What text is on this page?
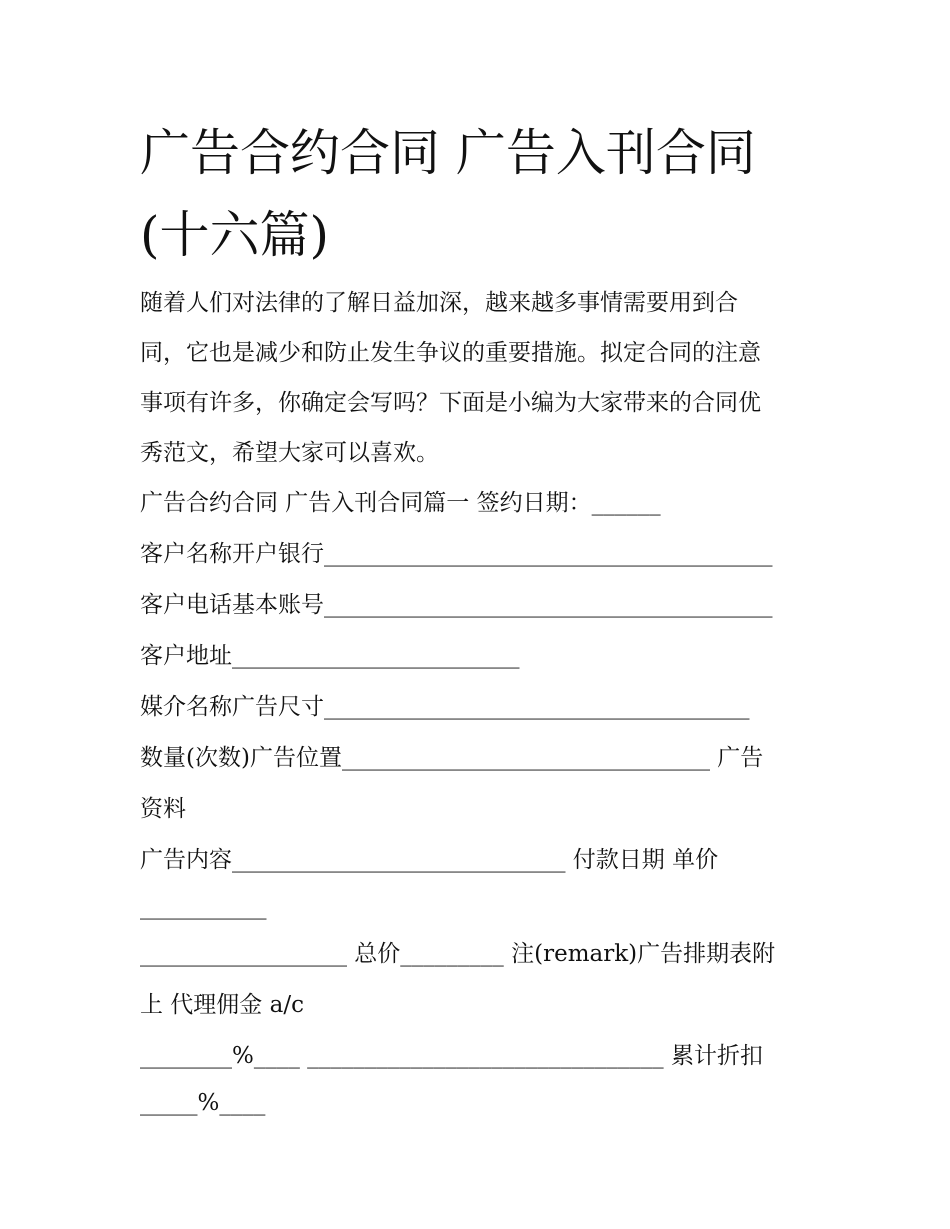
广告合约合同 广告入刊合同
(十六篇)

随着人们对法律的了解日益加深，越来越多事情需要用到合
同，它也是减少和防止发生争议的重要措施。拟定合同的注意
事项有许多，你确定会写吗？下面是小编为大家带来的合同优
秀范文，希望大家可以喜欢。

广告合约合同 广告入刊合同篇一 签约日期：______

客户名称开户银行_______________________________________

客户电话基本账号_______________________________________

客户地址_________________________

媒介名称广告尺寸_____________________________________

数量(次数)广告位置________________________________ 广告

资料

广告内容_____________________________ 付款日期 单价

___________

__________________ 总价_________ 注(remark)广告排期表附

上 代理佣金 a/c

________%____ _______________________________ 累计折扣

_____%____
